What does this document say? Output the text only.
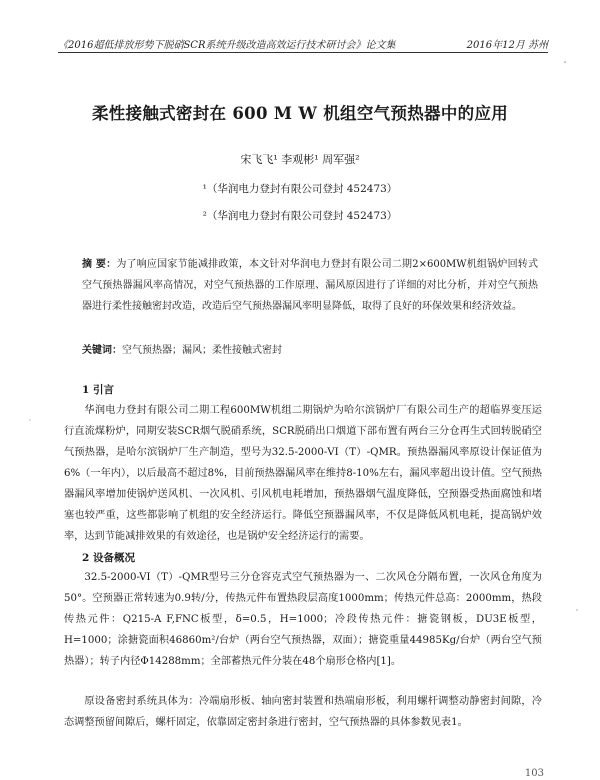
《2016超低排放形势下脱硝SCR系统升级改造高效运行技术研讨会》论文集	2016年12月 苏州
柔性接触式密封在 600 M W 机组空气预热器中的应用
宋飞飞¹ 李观彬¹ 周军强²
¹（华润电力登封有限公司登封 452473）
²（华润电力登封有限公司登封 452473）
摘 要：为了响应国家节能减排政策，本文针对华润电力登封有限公司二期2×600MW机组锅炉回转式空气预热器漏风率高情况，对空气预热器的工作原理、漏风原因进行了详细的对比分析，并对空气预热器进行柔性接触密封改造，改造后空气预热器漏风率明显降低，取得了良好的环保效果和经济效益。
关键词：空气预热器；漏风；柔性接触式密封
1 引言
华润电力登封有限公司二期工程600MW机组二期锅炉为哈尔滨锅炉厂有限公司生产的超临界变压运行直流煤粉炉，同期安装SCR烟气脱硝系统，SCR脱硝出口烟道下部布置有两台三分仓再生式回转脱硝空气预热器，是哈尔滨锅炉厂生产制造，型号为32.5-2000-VI（T）-QMR。预热器漏风率原设计保证值为6%（一年内），以后最高不超过8%，目前预热器漏风率在维持8-10%左右，漏风率超出设计值。空气预热器漏风率增加使锅炉送风机、一次风机、引风机电耗增加，预热器烟气温度降低，空预器受热面腐蚀和堵塞也较严重，这些都影响了机组的安全经济运行。降低空预器漏风率，不仅是降低风机电耗，提高锅炉效率，达到节能减排效果的有效途径，也是锅炉安全经济运行的需要。
2 设备概况
32.5-2000-VI（T）-QMR型号三分仓容克式空气预热器为一、二次风仓分隔布置，一次风仓角度为50°。空预器正常转速为0.9转/分，传热元件布置热段层高度1000mm；传热元件总高：2000mm，热段传热元件：Q215-A F,FNC板型，δ=0.5，H=1000；冷段传热元件：搪瓷钢板，DU3E板型，H=1000；涂搪瓷面积46860m²/台炉（两台空气预热器，双面）；搪瓷重量44985Kg/台炉（两台空气预热器）；转子内径Φ14288mm；全部蓄热元件分装在48个扇形仓格内[1]。
原设备密封系统具体为：冷端扇形板、轴向密封装置和热端扇形板，利用螺杆调整动静密封间隙，冷态调整预留间隙后，螺杆固定，依靠固定密封条进行密封，空气预热器的具体参数见表1。
103
